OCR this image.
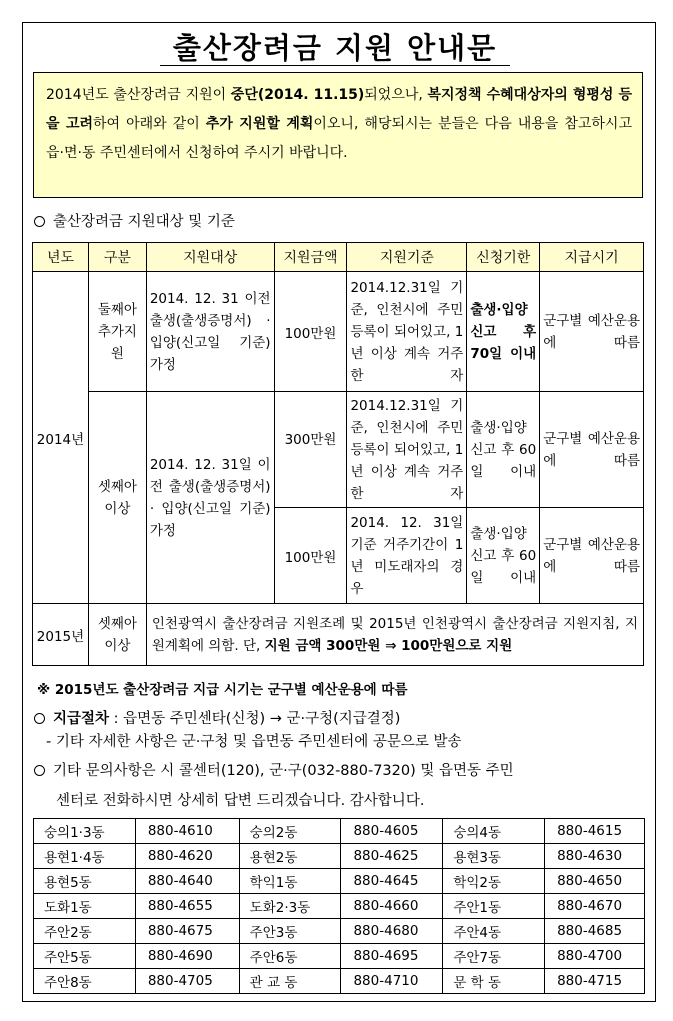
출산장려금 지원 안내문
2014년도 출산장려금 지원이 중단(2014. 11.15)되었으나, 복지정책 수혜대상자의 형평성 등을 고려하여 아래와 같이 추가 지원할 계획이오니, 해당되시는 분들은 다음 내용을 참고하시고 읍·면·동 주민센터에서 신청하여 주시기 바랍니다.
출산장려금 지원대상 및 기준
년도	구분	지원대상	지원금액	지원기준	신청기한	지급시기
2014년	둘째아 추가지원	2014. 12. 31 이전 출생(출생증명서) · 입양(신고일 기준) 가정	100만원	2014.12.31일 기준, 인천시에 주민등록이 되어있고, 1년 이상 계속 거주한 자	출생·입양 신고 후 70일 이내	군구별 예산운용에 따름
	셋째아 이상	2014. 12. 31일 이전 출생(출생증명서) · 입양(신고일 기준) 가정	300만원	2014.12.31일 기준, 인천시에 주민등록이 되어있고, 1년 이상 계속 거주한 자	출생·입양 신고 후 60일 이내	군구별 예산운용에 따름
			100만원	2014. 12. 31일 기준 거주기간이 1년 미도래자의 경우	출생·입양 신고 후 60일 이내	군구별 예산운용에 따름
2015년	셋째아 이상	인천광역시 출산장려금 지원조례 및 2015년 인천광역시 출산장려금 지원지침, 지원계획에 의함. 단, 지원 금액 300만원 ⇒ 100만원으로 지원				
※ 2015년도 출산장려금 지급 시기는 군구별 예산운용에 따름
지급절차 : 읍면동 주민센타(신청) → 군·구청(지급결정)
- 기타 자세한 사항은 군·구청 및 읍면동 주민센터에 공문으로 발송
기타 문의사항은 시 콜센터(120), 군·구(032-880-7320) 및 읍면동 주민
센터로 전화하시면 상세히 답변 드리겠습니다. 감사합니다.
숭의1·3동	880-4610	숭의2동	880-4605	숭의4동	880-4615
용현1·4동	880-4620	용현2동	880-4625	용현3동	880-4630
용현5동	880-4640	학익1동	880-4645	학익2동	880-4650
도화1동	880-4655	도화2·3동	880-4660	주안1동	880-4670
주안2동	880-4675	주안3동	880-4680	주안4동	880-4685
주안5동	880-4690	주안6동	880-4695	주안7동	880-4700
주안8동	880-4705	관 교 동	880-4710	문 학 동	880-4715
